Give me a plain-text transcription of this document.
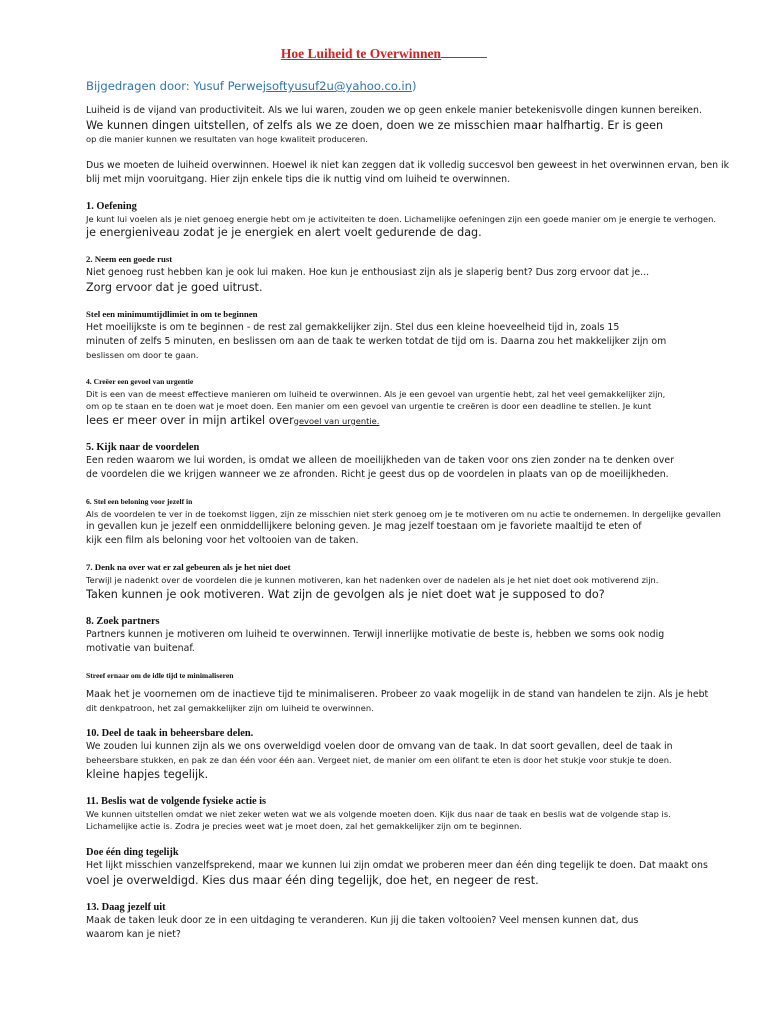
Hoe Luiheid te Overwinnen
Bijgedragen door: Yusuf Perwejsoftyusuf2u@yahoo.co.in)

Luiheid is de vijand van productiviteit. Als we lui waren, zouden we op geen enkele manier betekenisvolle dingen kunnen bereiken.
We kunnen dingen uitstellen, of zelfs als we ze doen, doen we ze misschien maar halfhartig. Er is geen
op die manier kunnen we resultaten van hoge kwaliteit produceren.

Dus we moeten de luiheid overwinnen. Hoewel ik niet kan zeggen dat ik volledig succesvol ben geweest in het overwinnen ervan, ben ik
blij met mijn vooruitgang. Hier zijn enkele tips die ik nuttig vind om luiheid te overwinnen.

1. Oefening

Je kunt lui voelen als je niet genoeg energie hebt om je activiteiten te doen. Lichamelijke oefeningen zijn een goede manier om je energie te verhogen.
je energieniveau zodat je je energiek en alert voelt gedurende de dag.

2. Neem een goede rust

Niet genoeg rust hebben kan je ook lui maken. Hoe kun je enthousiast zijn als je slaperig bent? Dus zorg ervoor dat je...
Zorg ervoor dat je goed uitrust.

Stel een minimumtijdlimiet in om te beginnen

Het moeilijkste is om te beginnen - de rest zal gemakkelijker zijn. Stel dus een kleine hoeveelheid tijd in, zoals 15
minuten of zelfs 5 minuten, en beslissen om aan de taak te werken totdat de tijd om is. Daarna zou het makkelijker zijn om
beslissen om door te gaan.

4. Creëer een gevoel van urgentie

Dit is een van de meest effectieve manieren om luiheid te overwinnen. Als je een gevoel van urgentie hebt, zal het veel gemakkelijker zijn,
om op te staan en te doen wat je moet doen. Een manier om een gevoel van urgentie te creëren is door een deadline te stellen. Je kunt
lees er meer over in mijn artikel overgevoel van urgentie.

5. Kijk naar de voordelen

Een reden waarom we lui worden, is omdat we alleen de moeilijkheden van de taken voor ons zien zonder na te denken over
de voordelen die we krijgen wanneer we ze afronden. Richt je geest dus op de voordelen in plaats van op de moeilijkheden.

6. Stel een beloning voor jezelf in

Als de voordelen te ver in de toekomst liggen, zijn ze misschien niet sterk genoeg om je te motiveren om nu actie te ondernemen. In dergelijke gevallen
in gevallen kun je jezelf een onmiddellijkere beloning geven. Je mag jezelf toestaan om je favoriete maaltijd te eten of
kijk een film als beloning voor het voltooien van de taken.

7. Denk na over wat er zal gebeuren als je het niet doet

Terwijl je nadenkt over de voordelen die je kunnen motiveren, kan het nadenken over de nadelen als je het niet doet ook motiverend zijn.
Taken kunnen je ook motiveren. Wat zijn de gevolgen als je niet doet wat je supposed to do?

8. Zoek partners

Partners kunnen je motiveren om luiheid te overwinnen. Terwijl innerlijke motivatie de beste is, hebben we soms ook nodig
motivatie van buitenaf.

Streef ernaar om de idle tijd te minimaliseren

Maak het je voornemen om de inactieve tijd te minimaliseren. Probeer zo vaak mogelijk in de stand van handelen te zijn. Als je hebt
dit denkpatroon, het zal gemakkelijker zijn om luiheid te overwinnen.

10. Deel de taak in beheersbare delen.

We zouden lui kunnen zijn als we ons overweldigd voelen door de omvang van de taak. In dat soort gevallen, deel de taak in
beheersbare stukken, en pak ze dan één voor één aan. Vergeet niet, de manier om een olifant te eten is door het stukje voor stukje te doen.
kleine hapjes tegelijk.

11. Beslis wat de volgende fysieke actie is

We kunnen uitstellen omdat we niet zeker weten wat we als volgende moeten doen. Kijk dus naar de taak en beslis wat de volgende stap is.
Lichamelijke actie is. Zodra je precies weet wat je moet doen, zal het gemakkelijker zijn om te beginnen.

Doe één ding tegelijk

Het lijkt misschien vanzelfsprekend, maar we kunnen lui zijn omdat we proberen meer dan één ding tegelijk te doen. Dat maakt ons
voel je overweldigd. Kies dus maar één ding tegelijk, doe het, en negeer de rest.

13. Daag jezelf uit

Maak de taken leuk door ze in een uitdaging te veranderen. Kun jij die taken voltooien? Veel mensen kunnen dat, dus
waarom kan je niet?
